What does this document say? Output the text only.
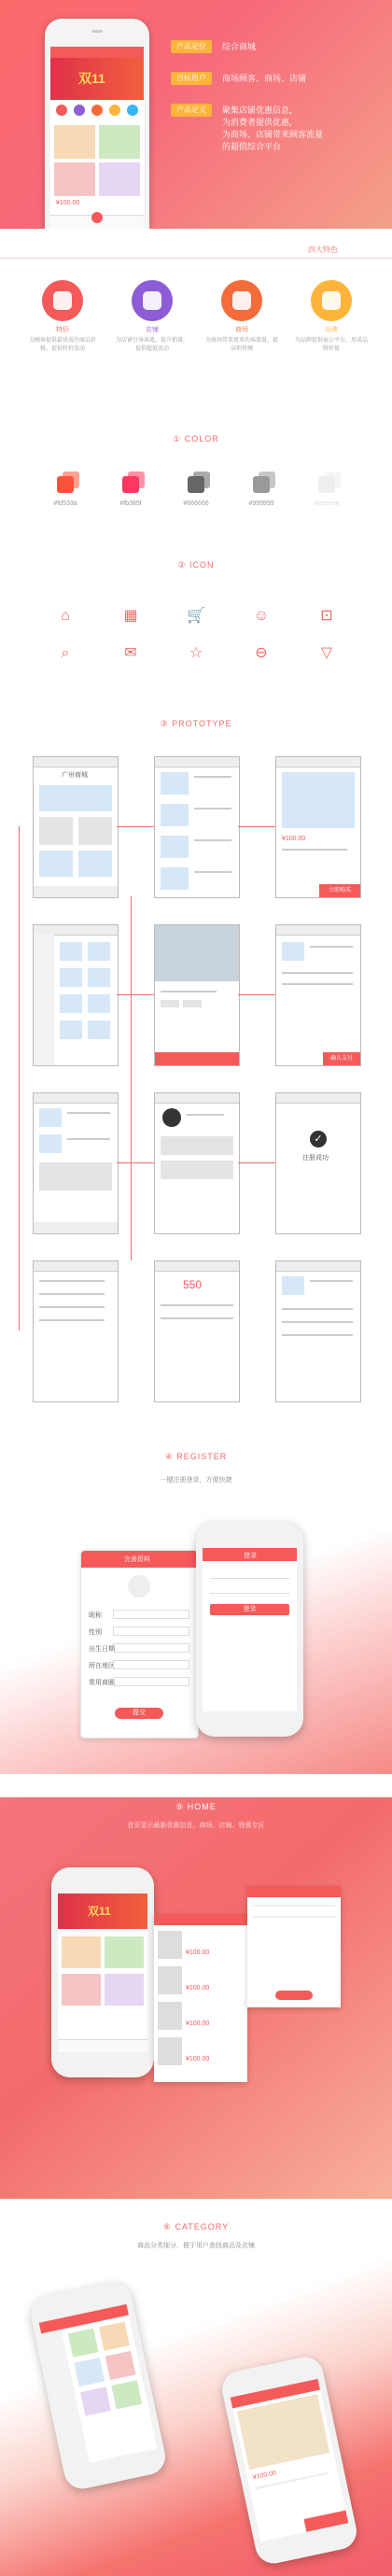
双11
¥100.00
产品定位	综合商城
目标用户	商场顾客、商场、店铺
产品定义	聚集店铺优惠信息，
为消费者提供优惠，
为商场、店铺带来顾客流量
的超值综合平台
四大特色
特价
为顾客提供最优质的商品价格，提供特价活动
店铺
为店铺引导客流，提升销量，提供超值活动
商场
为商场带来更多的客流量，提高销售额
品牌
为品牌提供展示平台，形成品牌价值
① COLOR
#fd533a	#fb385f	#666666	#999999	#eeeeee
② ICON
⌂	▦	🛒	☺	⊡
⌕	✉	☆	⊖	▽
③ PROTOTYPE
广州商城
¥100.00
立即购买
确认支付
✓
注册成功
550
④ REGISTER
一键注册登录，方便快捷
完善资料
昵称
性别
出生日期
所在地区
常用商圈
提交
登录
登录
⑤ HOME
首页显示最新优惠信息，商场、店铺、特惠专区
双11
¥100.00
¥100.00
¥100.00
¥100.00
⑥ CATEGORY
商品分类细分，便于用户查找商品及店铺
¥100.00
